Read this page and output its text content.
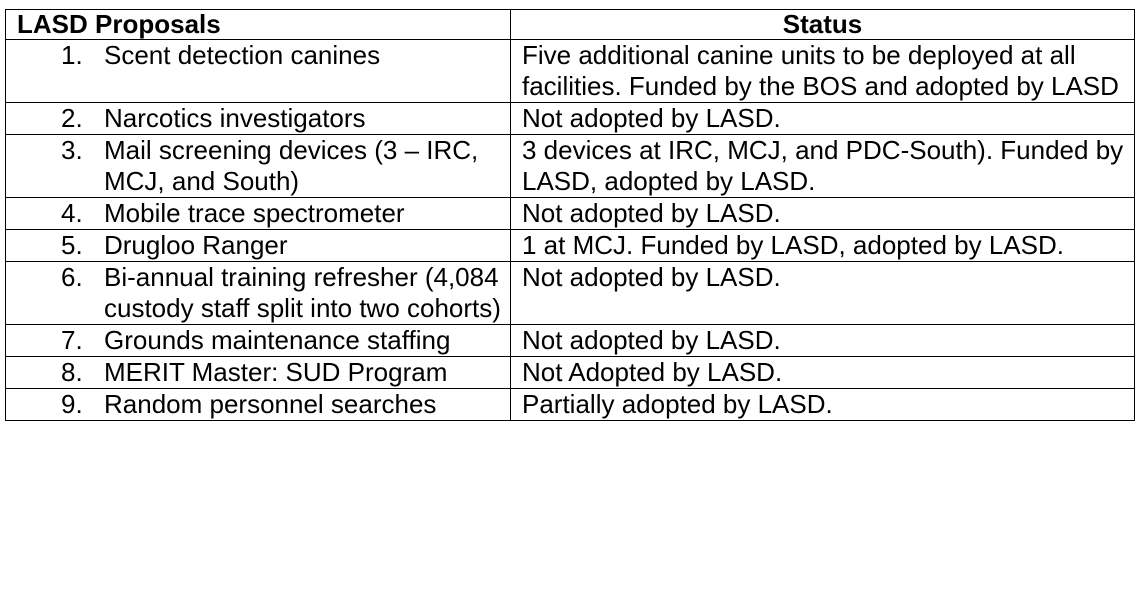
LASD Proposals	Status

1. Scent detection canines	Five additional canine units to be deployed at all facilities. Funded by the BOS and adopted by LASD

2. Narcotics investigators	Not adopted by LASD.

3. Mail screening devices (3 – IRC, MCJ, and South)	3 devices at IRC, MCJ, and PDC-South). Funded by LASD, adopted by LASD.

4. Mobile trace spectrometer	Not adopted by LASD.

5. Drugloo Ranger	1 at MCJ. Funded by LASD, adopted by LASD.

6. Bi-annual training refresher (4,084 custody staff split into two cohorts)	Not adopted by LASD.

7. Grounds maintenance staffing	Not adopted by LASD.

8. MERIT Master: SUD Program	Not Adopted by LASD.

9. Random personnel searches	Partially adopted by LASD.
